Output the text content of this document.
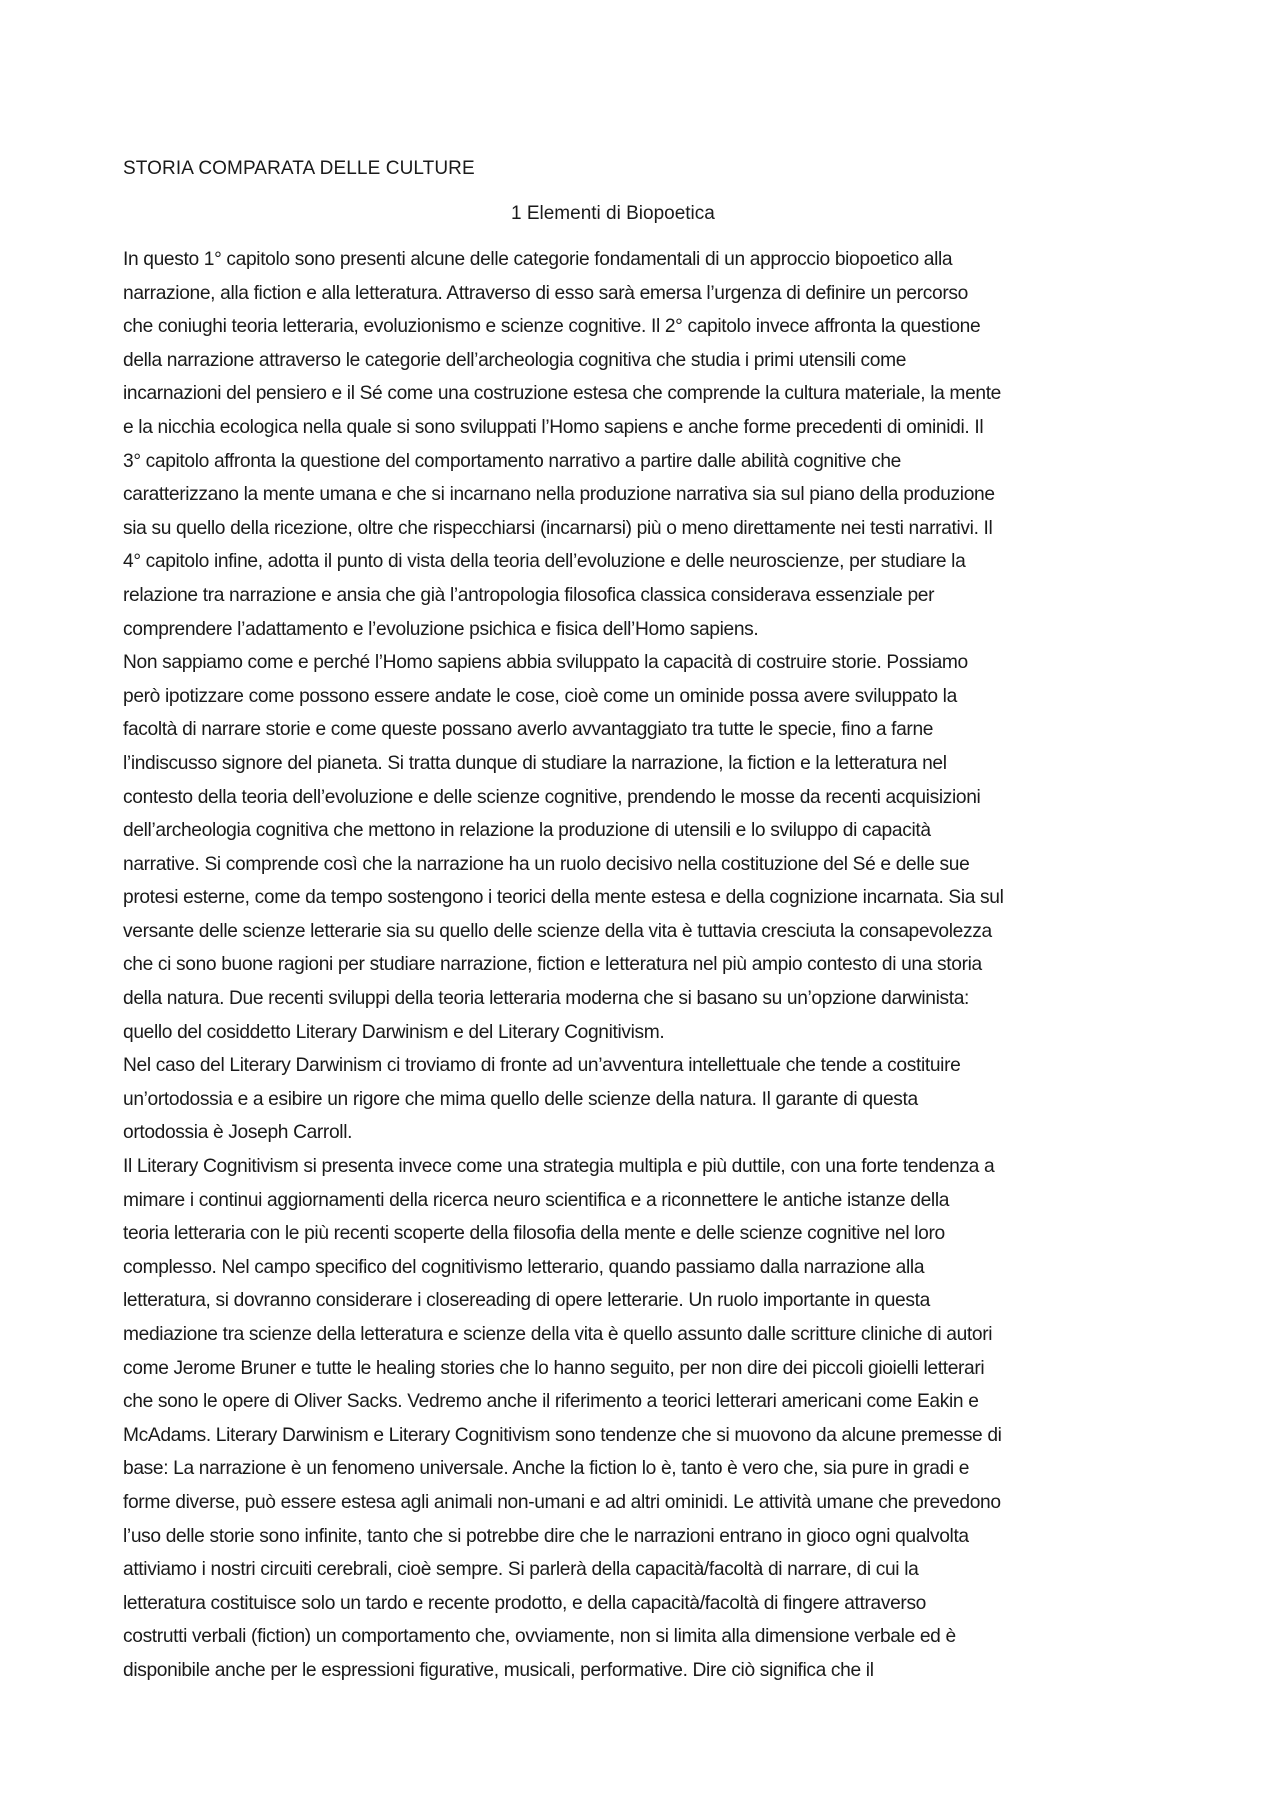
STORIA COMPARATA DELLE CULTURE

1 Elementi di Biopoetica

In questo 1° capitolo sono presenti alcune delle categorie fondamentali di un approccio biopoetico alla
narrazione, alla fiction e alla letteratura. Attraverso di esso sarà emersa l’urgenza di definire un percorso
che coniughi teoria letteraria, evoluzionismo e scienze cognitive. Il 2° capitolo invece affronta la questione
della narrazione attraverso le categorie dell’archeologia cognitiva che studia i primi utensili come
incarnazioni del pensiero e il Sé come una costruzione estesa che comprende la cultura materiale, la mente
e la nicchia ecologica nella quale si sono sviluppati l’Homo sapiens e anche forme precedenti di ominidi. Il
3° capitolo affronta la questione del comportamento narrativo a partire dalle abilità cognitive che
caratterizzano la mente umana e che si incarnano nella produzione narrativa sia sul piano della produzione
sia su quello della ricezione, oltre che rispecchiarsi (incarnarsi) più o meno direttamente nei testi narrativi. Il
4° capitolo infine, adotta il punto di vista della teoria dell’evoluzione e delle neuroscienze, per studiare la
relazione tra narrazione e ansia che già l’antropologia filosofica classica considerava essenziale per
comprendere l’adattamento e l’evoluzione psichica e fisica dell’Homo sapiens.
Non sappiamo come e perché l’Homo sapiens abbia sviluppato la capacità di costruire storie. Possiamo
però ipotizzare come possono essere andate le cose, cioè come un ominide possa avere sviluppato la
facoltà di narrare storie e come queste possano averlo avvantaggiato tra tutte le specie, fino a farne
l’indiscusso signore del pianeta. Si tratta dunque di studiare la narrazione, la fiction e la letteratura nel
contesto della teoria dell’evoluzione e delle scienze cognitive, prendendo le mosse da recenti acquisizioni
dell’archeologia cognitiva che mettono in relazione la produzione di utensili e lo sviluppo di capacità
narrative. Si comprende così che la narrazione ha un ruolo decisivo nella costituzione del Sé e delle sue
protesi esterne, come da tempo sostengono i teorici della mente estesa e della cognizione incarnata. Sia sul
versante delle scienze letterarie sia su quello delle scienze della vita è tuttavia cresciuta la consapevolezza
che ci sono buone ragioni per studiare narrazione, fiction e letteratura nel più ampio contesto di una storia
della natura. Due recenti sviluppi della teoria letteraria moderna che si basano su un’opzione darwinista:
quello del cosiddetto Literary Darwinism e del Literary Cognitivism.
Nel caso del Literary Darwinism ci troviamo di fronte ad un’avventura intellettuale che tende a costituire
un’ortodossia e a esibire un rigore che mima quello delle scienze della natura. Il garante di questa
ortodossia è Joseph Carroll.
Il Literary Cognitivism si presenta invece come una strategia multipla e più duttile, con una forte tendenza a
mimare i continui aggiornamenti della ricerca neuro scientifica e a riconnettere le antiche istanze della
teoria letteraria con le più recenti scoperte della filosofia della mente e delle scienze cognitive nel loro
complesso. Nel campo specifico del cognitivismo letterario, quando passiamo dalla narrazione alla
letteratura, si dovranno considerare i closereading di opere letterarie. Un ruolo importante in questa
mediazione tra scienze della letteratura e scienze della vita è quello assunto dalle scritture cliniche di autori
come Jerome Bruner e tutte le healing stories che lo hanno seguito, per non dire dei piccoli gioielli letterari
che sono le opere di Oliver Sacks. Vedremo anche il riferimento a teorici letterari americani come Eakin e
McAdams. Literary Darwinism e Literary Cognitivism sono tendenze che si muovono da alcune premesse di
base: La narrazione è un fenomeno universale. Anche la fiction lo è, tanto è vero che, sia pure in gradi e
forme diverse, può essere estesa agli animali non-umani e ad altri ominidi. Le attività umane che prevedono
l’uso delle storie sono infinite, tanto che si potrebbe dire che le narrazioni entrano in gioco ogni qualvolta
attiviamo i nostri circuiti cerebrali, cioè sempre. Si parlerà della capacità/facoltà di narrare, di cui la
letteratura costituisce solo un tardo e recente prodotto, e della capacità/facoltà di fingere attraverso
costrutti verbali (fiction) un comportamento che, ovviamente, non si limita alla dimensione verbale ed è
disponibile anche per le espressioni figurative, musicali, performative. Dire ciò significa che il
